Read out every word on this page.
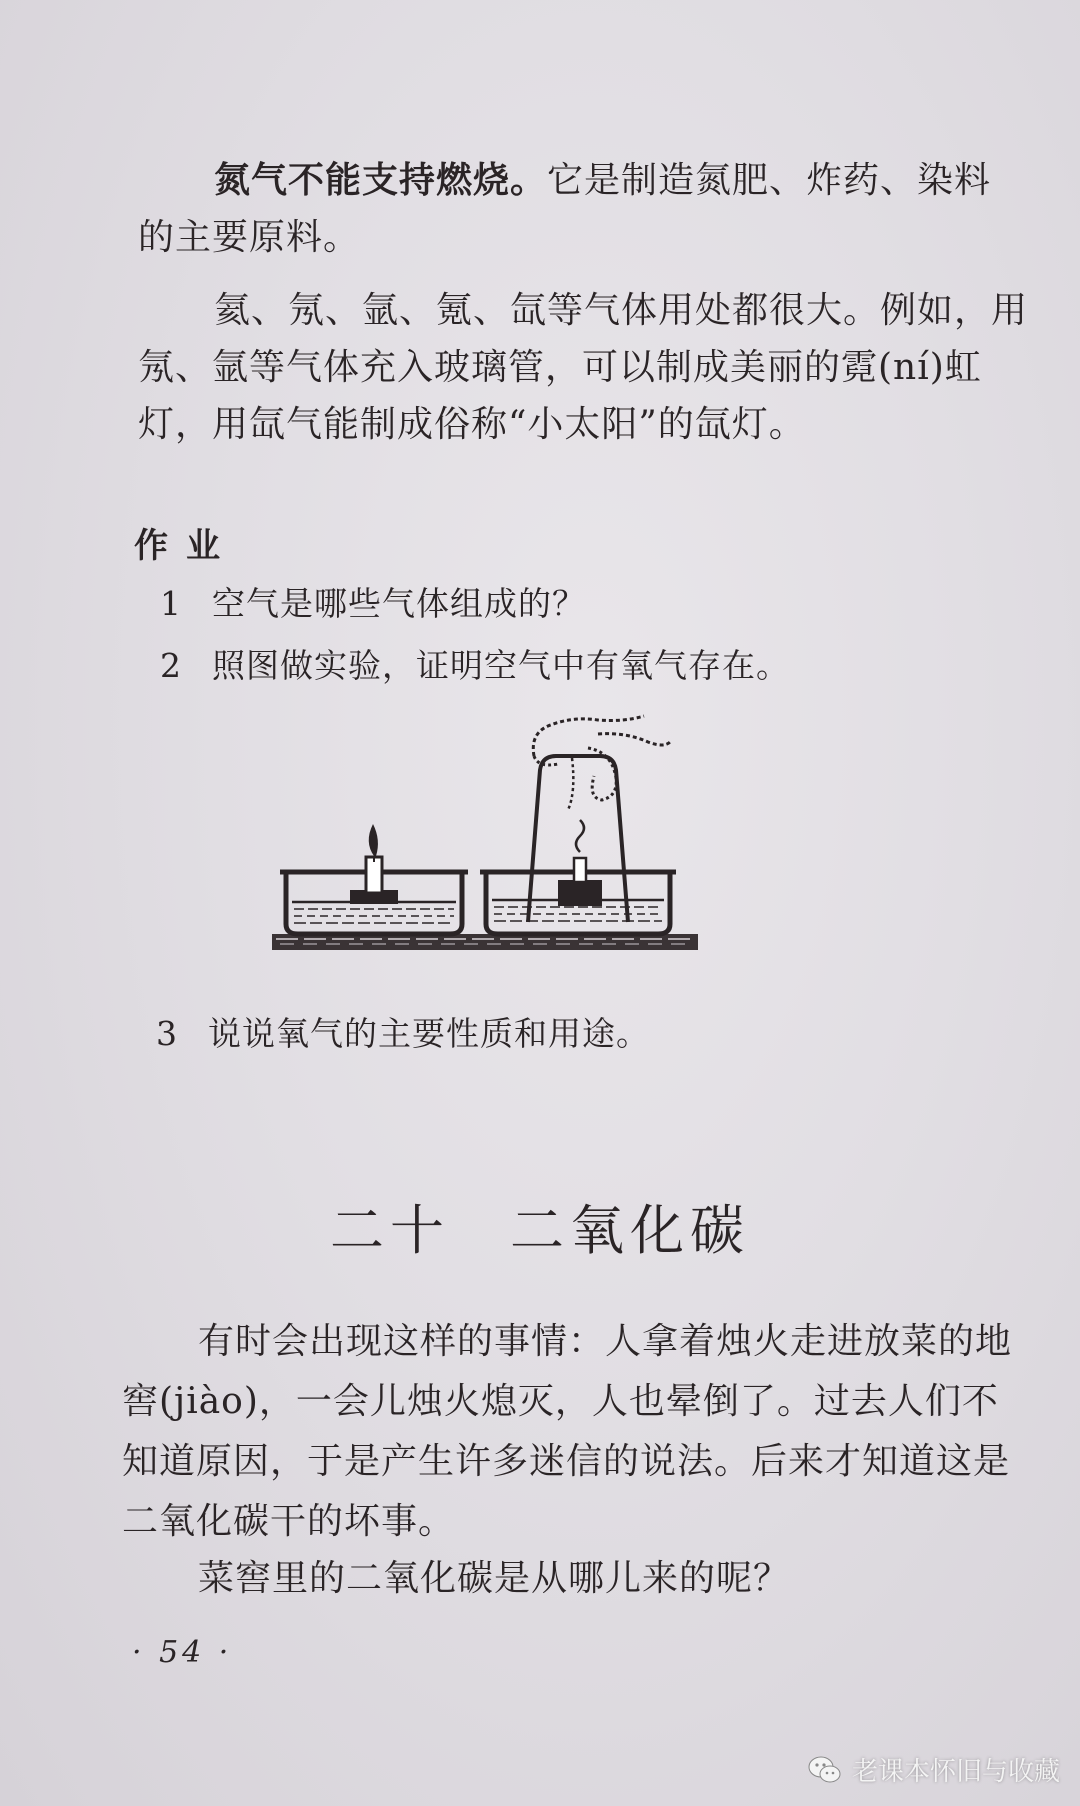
氮气不能支持燃烧。它是制造氮肥、炸药、染料的主要原料。

氦、氖、氩、氪、氙等气体用处都很大。例如，用氖、氩等气体充入玻璃管，可以制成美丽的霓(ní)虹灯，用氙气能制成俗称“小太阳”的氙灯。

作业
1 空气是哪些气体组成的？
2 照图做实验，证明空气中有氧气存在。
3 说说氧气的主要性质和用途。
二十　二氧化碳

有时会出现这样的事情：人拿着烛火走进放菜的地窖(jiào)，一会儿烛火熄灭，人也晕倒了。过去人们不知道原因，于是产生许多迷信的说法。后来才知道这是二氧化碳干的坏事。

菜窖里的二氧化碳是从哪儿来的呢？

· 54 ·
老课本怀旧与收藏
